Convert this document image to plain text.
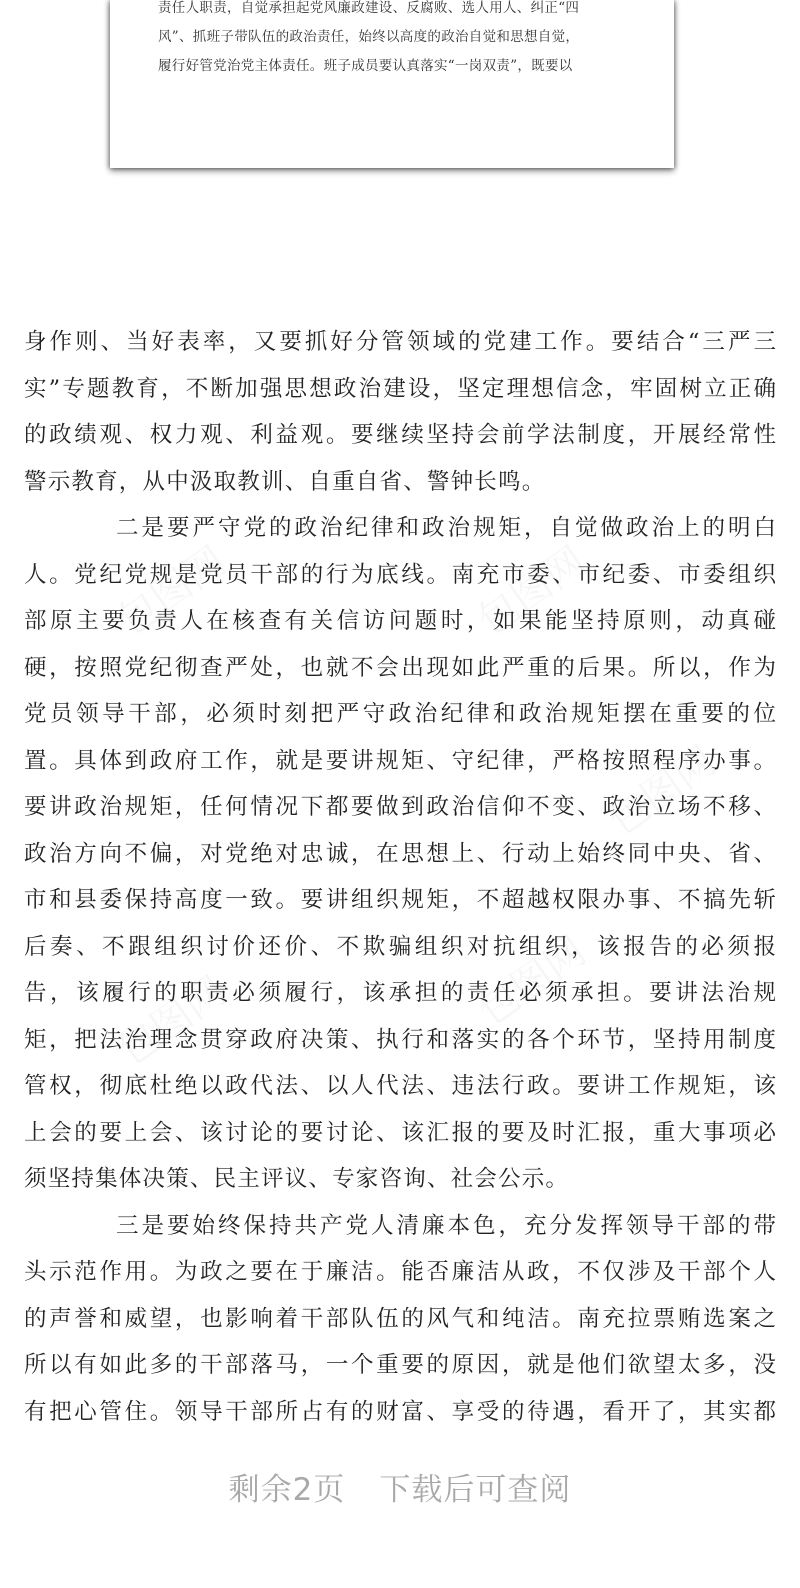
责任人职责，自觉承担起党风廉政建设、反腐败、选人用人、纠正“四
风”、抓班子带队伍的政治责任，始终以高度的政治自觉和思想自觉，
履行好管党治党主体责任。班子成员要认真落实“一岗双责”，既要以
身作则、当好表率，又要抓好分管领域的党建工作。要结合“三严三
实”专题教育，不断加强思想政治建设，坚定理想信念，牢固树立正确
的政绩观、权力观、利益观。要继续坚持会前学法制度，开展经常性
警示教育，从中汲取教训、自重自省、警钟长鸣。
二是要严守党的政治纪律和政治规矩，自觉做政治上的明白
人。党纪党规是党员干部的行为底线。南充市委、市纪委、市委组织
部原主要负责人在核查有关信访问题时，如果能坚持原则，动真碰
硬，按照党纪彻查严处，也就不会出现如此严重的后果。所以，作为
党员领导干部，必须时刻把严守政治纪律和政治规矩摆在重要的位
置。具体到政府工作，就是要讲规矩、守纪律，严格按照程序办事。
要讲政治规矩，任何情况下都要做到政治信仰不变、政治立场不移、
政治方向不偏，对党绝对忠诚，在思想上、行动上始终同中央、省、
市和县委保持高度一致。要讲组织规矩，不超越权限办事、不搞先斩
后奏、不跟组织讨价还价、不欺骗组织对抗组织，该报告的必须报
告，该履行的职责必须履行，该承担的责任必须承担。要讲法治规
矩，把法治理念贯穿政府决策、执行和落实的各个环节，坚持用制度
管权，彻底杜绝以政代法、以人代法、违法行政。要讲工作规矩，该
上会的要上会、该讨论的要讨论、该汇报的要及时汇报，重大事项必
须坚持集体决策、民主评议、专家咨询、社会公示。
三是要始终保持共产党人清廉本色，充分发挥领导干部的带
头示范作用。为政之要在于廉洁。能否廉洁从政，不仅涉及干部个人
的声誉和威望，也影响着干部队伍的风气和纯洁。南充拉票贿选案之
所以有如此多的干部落马，一个重要的原因，就是他们欲望太多，没
有把心管住。领导干部所占有的财富、享受的待遇，看开了，其实都
剩余2页 下载后可查阅
